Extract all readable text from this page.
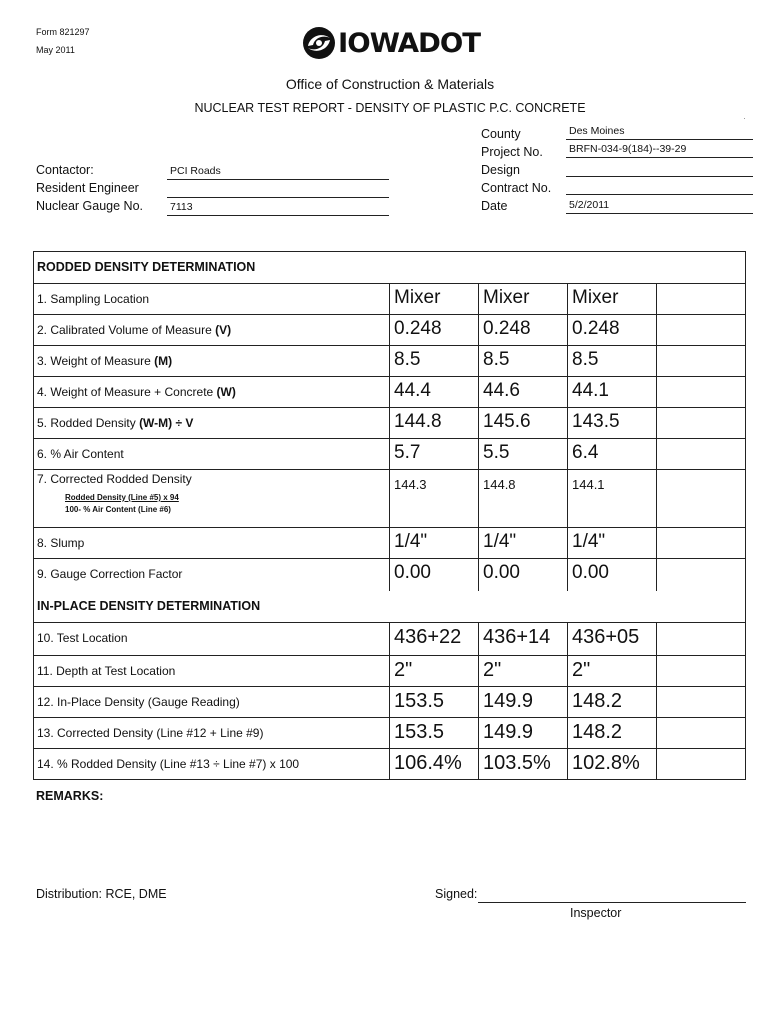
Form 821297
May 2011	IOWADOT
Office of Construction & Materials
NUCLEAR TEST REPORT - DENSITY OF PLASTIC P.C. CONCRETE
County	Des Moines
Project No. BRFN-034-9(184)--39-29
Design
Contract No.
Date	5/2/2011
Contactor:	PCI Roads
Resident Engineer
Nuclear Gauge No.	7113
RODDED DENSITY DETERMINATION
1. Sampling Location	Mixer	Mixer	Mixer
2. Calibrated Volume of Measure (V)	0.248	0.248	0.248
3. Weight of Measure (M)	8.5	8.5	8.5
4. Weight of Measure + Concrete (W)	44.4	44.6	44.1
5. Rodded Density (W-M) ÷ V	144.8	145.6	143.5
6. % Air Content	5.7	5.5	6.4
7. Corrected Rodded Density
Rodded Density (Line #5) x 94
100- % Air Content (Line #6)
144.3	144.8	144.1
8. Slump	1/4"	1/4"	1/4"
9. Gauge Correction Factor	0.00	0.00	0.00
IN-PLACE DENSITY DETERMINATION
10. Test Location	436+22	436+14	436+05
11. Depth at Test Location	2"	2"	2"
12. In-Place Density (Gauge Reading)	153.5	149.9	148.2
13. Corrected Density (Line #12 + Line #9)	153.5	149.9	148.2
14. % Rodded Density (Line #13 ÷ Line #7) x 100	106.4%	103.5%	102.8%
REMARKS:
Distribution: RCE, DME	Signed:
Inspector
